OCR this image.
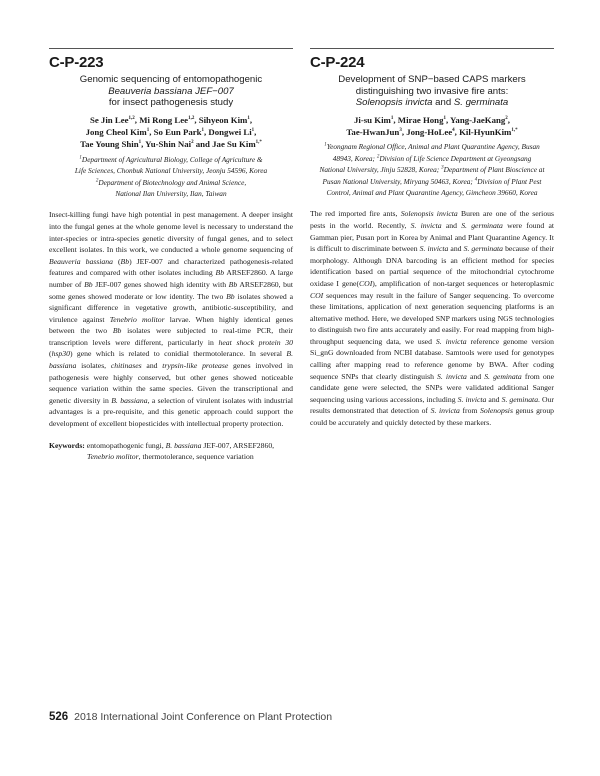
C-P-223
Genomic sequencing of entomopathogenic
Beauveria bassiana JEF−007
for insect pathogenesis study
Se Jin Lee$^{1,2}$, Mi Rong Lee$^{1,2}$, Sihyeon Kim$^1$,
Jong Cheol Kim$^1$, So Eun Park$^1$, Dongwei Li$^1$,
Tae Young Shin$^1$, Yu-Shin Nai$^2$ and Jae Su Kim$^{1,*}$
$^1$Department of Agricultural Biology, College of Agriculture &
Life Sciences, Chonbuk National University, Jeonju 54596, Korea
$^2$Department of Biotechnology and Animal Science,
National Ilan University, Ilan, Taiwan
Insect-killing fungi have high potential in pest management. A deeper insight into the fungal genes at the whole genome level is necessary to understand the inter-species or intra-species genetic diversity of fungal genes, and to select excellent isolates. In this work, we conducted a whole genome sequencing of Beauveria bassiana (Bb) JEF-007 and characterized pathogenesis-related features and compared with other isolates including Bb ARSEF2860. A large number of Bb JEF-007 genes showed high identity with Bb ARSEF2860, but some genes showed moderate or low identity. The two Bb isolates showed a significant difference in vegetative growth, antibiotic-susceptibility, and virulence against Tenebrio molitor larvae. When highly identical genes between the two Bb isolates were subjected to real-time PCR, their transcription levels were different, particularly in heat shock protein 30 (hsp30) gene which is related to conidial thermotolerance. In several B. bassiana isolates, chitinases and trypsin-like protease genes involved in pathogenesis were highly conserved, but other genes showed noticeable sequence variation within the same species. Given the transcriptional and genetic diversity in B. bassiana, a selection of virulent isolates with industrial advantages is a pre-requisite, and this genetic approach could support the development of excellent biopesticides with intellectual property protection.
Keywords: entomopathogenic fungi, B. bassiana JEF-007, ARSEF2860,
Tenebrio molitor, thermotolerance, sequence variation
C-P-224
Development of SNP−based CAPS markers
distinguishing two invasive fire ants:
Solenopsis invicta and S. germinata
Ji-su Kim$^1$, Mirae Hong$^1$, Yang-JaeKang$^2$,
Tae-HwanJun$^3$, Jong-HoLee$^4$, Kil-HyunKim$^{1,*}$
$^1$Yeongnam Regional Office, Animal and Plant Quarantine Agency, Busan
48943, Korea; $^2$Division of Life Science Department at Gyeongsang
National University, Jinju 52828, Korea; $^3$Department of Plant Bioscience at
Pusan National University, Miryang 50463, Korea; $^4$Division of Plant Pest
Control, Animal and Plant Quarantine Agency, Gimcheon 39660, Korea
The red imported fire ants, Solenopsis invicta Buren are one of the serious pests in the world. Recently, S. invicta and S. germinata were found at Gamman pier, Pusan port in Korea by Animal and Plant Quarantine Agency. It is difficult to discriminate between S. invicta and S. germinata because of their morphology. Although DNA barcoding is an efficient method for species identification based on partial sequence of the mitochondrial cytochrome oxidase I gene(COI), amplification of non-target sequences or heteroplasmic COI sequences may result in the failure of Sanger sequencing. To overcome these limitations, application of next generation sequencing platforms is an alternative method. Here, we developed SNP markers using NGS technologies to distinguish two fire ants accurately and easily. For read mapping from high-throughput sequencing data, we used S. invicta reference genome version Si_gnG downloaded from NCBI database. Samtools were used for genotypes calling after mapping read to reference genome by BWA. After coding sequence SNPs that clearly distinguish S. invicta and S. geminata from one candidate gene were selected, the SNPs were validated additional Sanger sequencing using various accessions, including S. invicta and S. geminata. Our results demonstrated that detection of S. invicta from Solenopsis genus group could be accurately and quickly detected by these markers.
526 2018 International Joint Conference on Plant Protection
